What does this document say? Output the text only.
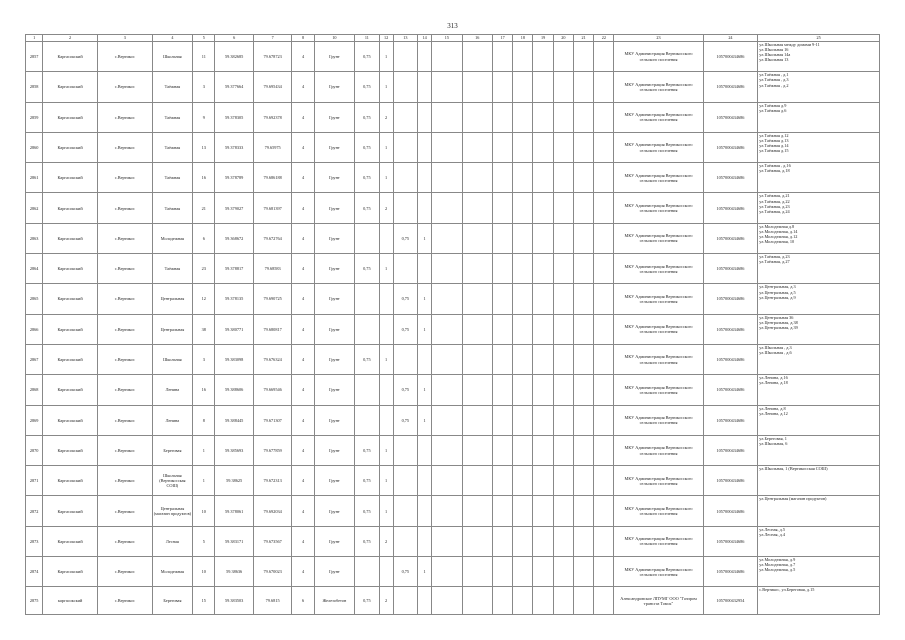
313
1	2	3	4	5	6	7	8	10	11	12	13	14	15	16	17	18	19	20	21	22	23	24	25
2857	Каргасокский	с.Вертикос	Школьная	11	59.382685	79.678723	4	Грунт	0,75	1											МКУ Администрация Вертикосского сельского поселения	1057000434686	ул.Школьная между домами 9-11
ул.Школьная 16
ул.Школьная 14а
ул.Школьная 13
2858	Каргасокский	с.Вертикос	Таёжная	3	59.377664	79.695434	4	Грунт	0,75	1											МКУ Администрация Вертикосского сельского поселения	1057000434686	ул.Таёжная , д.1
ул.Таёжная , д.3
ул.Таёжная , д.2
2859	Каргасокский	с.Вертикос	Таёжная	9	59.378305	79.692378	4	Грунт	0,75	2											МКУ Администрация Вертикосского сельского поселения	1057000434686	ул.Таёжная д.9
ул.Таёжная д.6
2860	Каргасокский	с.Вертикос	Таёжная	13	59.378333	79.65975	4	Грунт	0,75	1											МКУ Администрация Вертикосского сельского поселения	1057000434686	ул.Таёжная д.12
ул.Таёжная д.13
ул.Таёжная д.14
ул.Таёжная д.15
2861	Каргасокский	с.Вертикос	Таёжная	16	59.378789	79.686188	4	Грунт	0,75	1											МКУ Администрация Вертикосского сельского поселения	1057000434686	ул.Таёжная , д.16
ул.Таёжная, д.18
2862	Каргасокский	с.Вертикос	Таёжная	21	59.379027	79.681397	4	Грунт	0,75	2											МКУ Администрация Вертикосского сельского поселения	1057000434686	ул.Таёжная, д.21
ул.Таёжная, д.22
ул.Таёжная, д.23
ул.Таёжная, д.24
2863	Каргасокский	с.Вертикос	Молодежная	6	59.368672	79.672764	4	Грунт			0,75	1									МКУ Администрация Вертикосского сельского поселения	1057000434686	ул.Молодежная д.8
ул.Молодежная, д.14
ул.Молодежная, д.12
ул.Молодежная, 10
2864	Каргасокский	с.Вертикос	Таёжная	23	59.378817	79.68583	4	Грунт	0,75	1											МКУ Администрация Вертикосского сельского поселения	1057000434686	ул.Таёжная, д.23
ул.Таёжная, д.27
2865	Каргасокский	с.Вертикос	Центральная	12	59.378135	79.690725	4	Грунт			0,75	1									МКУ Администрация Вертикосского сельского поселения	1057000434686	ул.Центральная, д.3
ул.Центральная, д.5
ул.Центральная, д.9
2866	Каргасокский	с.Вертикос	Центральная	38	59.380771	79.680817	4	Грунт			0,75	1									МКУ Администрация Вертикосского сельского поселения	1057000434686	ул.Центральная 36
ул.Центральная, д.38
ул.Центральная, д.39
2867	Каргасокский	с.Вертикос	Школьная	3	59.383098	79.676324	4	Грунт	0,75	1											МКУ Администрация Вертикосского сельского поселения	1057000434686	ул.Школьная , д.3
ул.Школьная , д.6
2868	Каргасокский	с.Вертикос	Ленина	16	59.388606	79.669546	4	Грунт			0,75	1									МКУ Администрация Вертикосского сельского поселения	1057000434686	ул.Ленина, д.16
ул.Ленина, д.18
2869	Каргасокский	с.Вертикос	Ленина	8	59.388445	79.671307	4	Грунт			0,75	1									МКУ Администрация Вертикосского сельского поселения	1057000434686	ул.Ленина, д.8
ул.Ленина, д.12
2870	Каргасокский	с.Вертикос	Береговая	1	59.385693	79.677859	4	Грунт	0,75	1											МКУ Администрация Вертикосского сельского поселения	1057000434686	ул.Береговая, 1
ул.Школьная, 6
2871	Каргасокский	с.Вертикос	Школьная (Вертикосская СОШ)	1	59.38625	79.672313	4	Грунт	0,75	1											МКУ Администрация Вертикосского сельского поселения	1057000434686	ул.Школьная, 1 (Вертикосская СОШ)
2872	Каргасокский	с.Вертикос	Центральная (магазин продуктов)	10	59.378061	79.692034	4	Грунт	0,75	1											МКУ Администрация Вертикосского сельского поселения	1057000434686	ул.Центральная (магазин продуктов)
2873	Каргасокский	с.Вертикос	Лесная	5	59.383171	79.673567	4	Грунт	0,75	2											МКУ Администрация Вертикосского сельского поселения	1057000434686	ул.Лесная, д.5
ул.Лесная, д.4
2874	Каргасокский	с.Вертикос	Молодежная	10	59.38636	79.670023	4	Грунт			0,75	1									МКУ Администрация Вертикосского сельского поселения	1057000434686	ул.Молодежная, д.9
ул.Молодежная, д.7
ул.Молодежная, д.5
2875	каргасокский	с.Вертикос	Береговая	15	59.383503	79.6815	6	Железобетон	0,75	2											Александровское ЛПУМГ ООО "Газпром трансгаз Томск"	1057000432954	с.Вертикос, ул.Береговая, д.15
